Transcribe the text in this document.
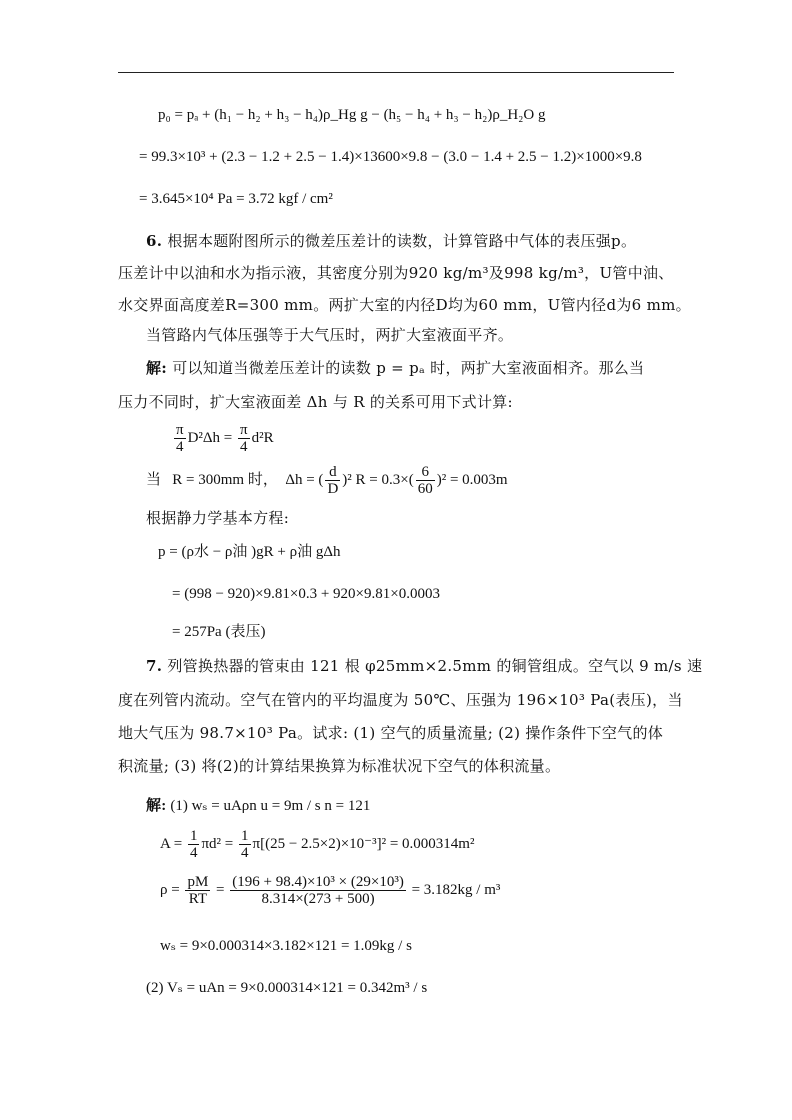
p₀ = pₐ + (h₁ − h₂ + h₃ − h₄)ρ_Hg g − (h₅ − h₄ + h₃ − h₂)ρ_H₂O g
= 99.3×10³ + (2.3 − 1.2 + 2.5 − 1.4)×13600×9.8 − (3.0 − 1.4 + 2.5 − 1.2)×1000×9.8
= 3.645×10⁴ Pa = 3.72 kgf / cm²
6. 根据本题附图所示的微差压差计的读数，计算管路中气体的表压强p。
压差计中以油和水为指示液，其密度分别为920 kg/m³及998 kg/m³，U管中油、
水交界面高度差R=300 mm。两扩大室的内径D均为60 mm，U管内径d为6 mm。
当管路内气体压强等于大气压时，两扩大室液面平齐。
解: 可以知道当微差压差计的读数 p = pₐ 时，两扩大室液面相齐。那么当
压力不同时，扩大室液面差 Δh 与 R 的关系可用下式计算:
$\frac{\pi}{4} D^2\Delta h = \frac{\pi}{4} d^2R$
当 R = 300mm 时， Δh = ( $\frac{d}{D} )^2$ $R = 0.3\times( \frac{6}{60} )^2 = 0.003m$
根据静力学基本方程:
p = (ρ水 − ρ油 )gR + ρ油 gΔh
= (998 − 920)×9.81×0.3 + 920×9.81×0.0003
= 257Pa (表压)
7. 列管换热器的管束由 121 根 φ25mm×2.5mm 的铜管组成。空气以 9 m/s 速
度在列管内流动。空气在管内的平均温度为 50℃、压强为 196×10³ Pa(表压)，当
地大气压为 98.7×10³ Pa。试求: (1) 空气的质量流量; (2) 操作条件下空气的体
积流量; (3) 将(2)的计算结果换算为标准状况下空气的体积流量。
解: (1) wₛ = uAρn u = 9m / s n = 121
$A = \frac{1}{4} \pi d^2 = \frac{1}{4} \pi[(25 - 2.5\times 2)\times 10^{-3}]^2 = 0.000314m^2$
$\rho = \frac{pM}{RT} = \frac{\text{(196 + 98.4)×10³ × (29×10³)}}{8.314\times(273 + 500)} = 3.182kg / m^3$
wₛ = 9×0.000314×3.182×121 = 1.09kg / s
(2) Vₛ = uAn = 9×0.000314×121 = 0.342m³ / s
